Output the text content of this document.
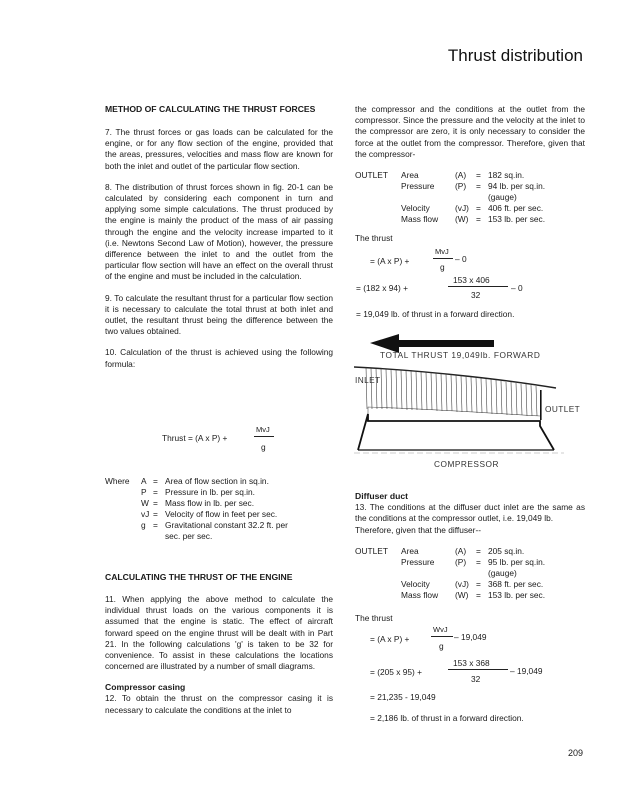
Thrust distribution

METHOD OF CALCULATING THE THRUST FORCES

7. The thrust forces or gas loads can be calculated for the engine, or for any flow section of the engine, provided that the areas, pressures, velocities and mass flow are known for both the inlet and outlet of the particular flow section.

8. The distribution of thrust forces shown in fig. 20-1 can be calculated by considering each component in turn and applying some simple calculations. The thrust produced by the engine is mainly the product of the mass of air passing through the engine and the velocity increase imparted to it (i.e. Newtons Second Law of Motion), however, the pressure difference between the inlet to and the outlet from the particular flow section will have an effect on the overall thrust of the engine and must be included in the calculation.

9. To calculate the resultant thrust for a particular flow section it is necessary to calculate the total thrust at both inlet and outlet, the resultant thrust being the difference between the two values obtained.

10. Calculation of the thrust is achieved using the following formula:

Thrust = (A x P) +
MvJ
g
Where	A	=	Area of flow section in sq.in.
	P	=	Pressure in lb. per sq.in.
	W	=	Mass flow in lb. per sec.
	vJ	=	Velocity of flow in feet per sec.
	g	=	Gravitational constant 32.2 ft. per
			sec. per sec.

CALCULATING THE THRUST OF THE ENGINE

11. When applying the above method to calculate the individual thrust loads on the various components it is assumed that the engine is static. The effect of aircraft forward speed on the engine thrust will be dealt with in Part 21. In the following calculations 'g' is taken to be 32 for convenience. To assist in these calculations the locations concerned are illustrated by a number of small diagrams.

Compressor casing

12. To obtain the thrust on the compressor casing it is necessary to calculate the conditions at the inlet to

the compressor and the conditions at the outlet from the compressor. Since the pressure and the velocity at the inlet to the compressor are zero, it is only necessary to consider the force at the outlet from the compressor. Therefore, given that the compressor-

OUTLET	Area	(A)	=	182 sq.in.
	Pressure	(P)	=	94 lb. per sq.in.
				(gauge)
	Velocity	(vJ)	=	406 ft. per sec.
	Mass flow	(W)	=	153 lb. per sec.
The thrust
= (A x P) +
MvJ
g
– 0
= (182 x 94) +
153 x 406
32
– 0
= 19,049 lb. of thrust in a forward direction.
TOTAL THRUST 19,049lb. FORWARD
INLET
OUTLET
COMPRESSOR

Diffuser duct

13. The conditions at the diffuser duct inlet are the same as the conditions at the compressor outlet, i.e. 19,049 lb.

Therefore, given that the diffuser--

OUTLET	Area	(A)	=	205 sq.in.
	Pressure	(P)	=	95 lb. per sq.in.
				(gauge)
	Velocity	(vJ)	=	368 ft. per sec.
	Mass flow	(W)	=	153 lb. per sec.
The thrust
= (A x P) +
WvJ
g
– 19,049
= (205 x 95) +
153 x 368
32
– 19,049
= 21,235 - 19,049
= 2,186 lb. of thrust in a forward direction.
209
